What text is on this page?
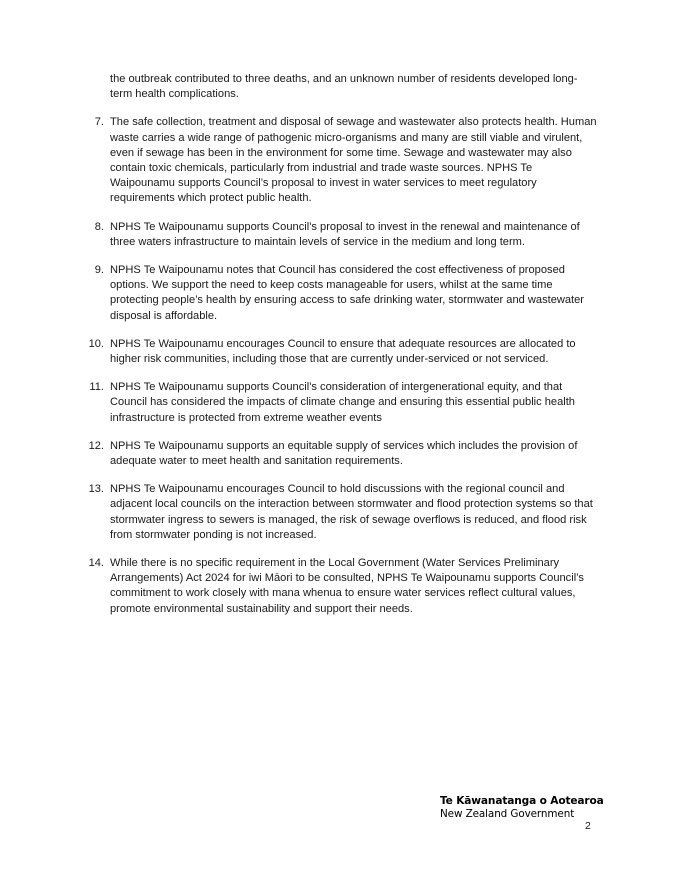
the outbreak contributed to three deaths, and an unknown number of residents developed long-term health complications.

7. The safe collection, treatment and disposal of sewage and wastewater also protects health. Human waste carries a wide range of pathogenic micro-organisms and many are still viable and virulent, even if sewage has been in the environment for some time. Sewage and wastewater may also contain toxic chemicals, particularly from industrial and trade waste sources. NPHS Te Waipounamu supports Council’s proposal to invest in water services to meet regulatory requirements which protect public health.
8. NPHS Te Waipounamu supports Council’s proposal to invest in the renewal and maintenance of three waters infrastructure to maintain levels of service in the medium and long term.
9. NPHS Te Waipounamu notes that Council has considered the cost effectiveness of proposed options. We support the need to keep costs manageable for users, whilst at the same time protecting people’s health by ensuring access to safe drinking water, stormwater and wastewater disposal is affordable.
10. NPHS Te Waipounamu encourages Council to ensure that adequate resources are allocated to higher risk communities, including those that are currently under-serviced or not serviced.
11. NPHS Te Waipounamu supports Council’s consideration of intergenerational equity, and that Council has considered the impacts of climate change and ensuring this essential public health infrastructure is protected from extreme weather events
12. NPHS Te Waipounamu supports an equitable supply of services which includes the provision of adequate water to meet health and sanitation requirements.
13. NPHS Te Waipounamu encourages Council to hold discussions with the regional council and adjacent local councils on the interaction between stormwater and flood protection systems so that stormwater ingress to sewers is managed, the risk of sewage overflows is reduced, and flood risk from stormwater ponding is not increased.
14. While there is no specific requirement in the Local Government (Water Services Preliminary Arrangements) Act 2024 for iwi Māori to be consulted, NPHS Te Waipounamu supports Council’s commitment to work closely with mana whenua to ensure water services reflect cultural values, promote environmental sustainability and support their needs.
Te Kāwanatanga o Aotearoa
New Zealand Government
2
